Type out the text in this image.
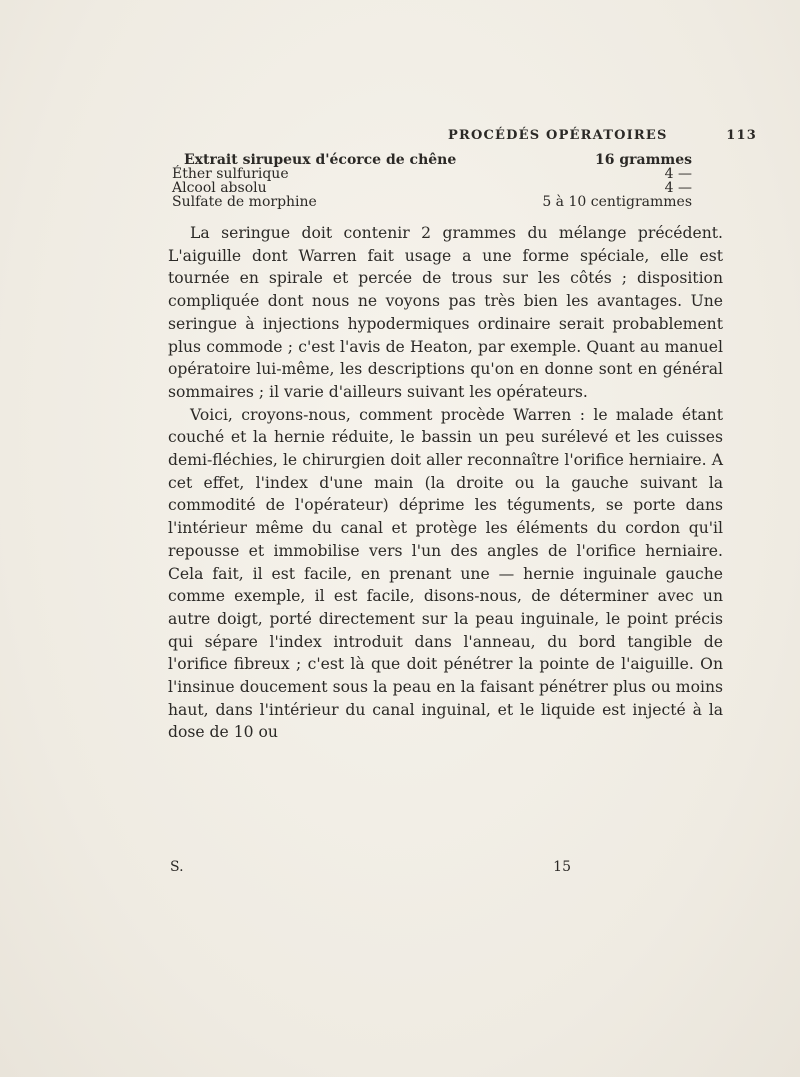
PROCÉDÉS OPÉRATOIRES	113
Extrait sirupeux d'écorce de chêne	16 grammes
Éther sulfurique	4 —
Alcool absolu	4 —
Sulfate de morphine	5 à 10 centigrammes

La seringue doit contenir 2 grammes du mélange précédent. L'aiguille dont Warren fait usage a une forme spéciale, elle est tournée en spirale et percée de trous sur les côtés ; disposition compliquée dont nous ne voyons pas très bien les avantages. Une seringue à injections hypodermiques ordinaire serait probablement plus commode ; c'est l'avis de Heaton, par exemple. Quant au manuel opératoire lui-même, les descriptions qu'on en donne sont en général sommaires ; il varie d'ailleurs suivant les opérateurs.

Voici, croyons-nous, comment procède Warren : le malade étant couché et la hernie réduite, le bassin un peu surélevé et les cuisses demi-fléchies, le chirurgien doit aller reconnaître l'orifice herniaire. A cet effet, l'index d'une main (la droite ou la gauche suivant la commodité de l'opérateur) déprime les téguments, se porte dans l'intérieur même du canal et protège les éléments du cordon qu'il repousse et immobilise vers l'un des angles de l'orifice herniaire. Cela fait, il est facile, en prenant une — hernie inguinale gauche comme exemple, il est facile, disons-nous, de déterminer avec un autre doigt, porté directement sur la peau inguinale, le point précis qui sépare l'index introduit dans l'anneau, du bord tangible de l'orifice fibreux ; c'est là que doit pénétrer la pointe de l'aiguille. On l'insinue doucement sous la peau en la faisant pénétrer plus ou moins haut, dans l'intérieur du canal inguinal, et le liquide est injecté à la dose de 10 ou

S.	15
